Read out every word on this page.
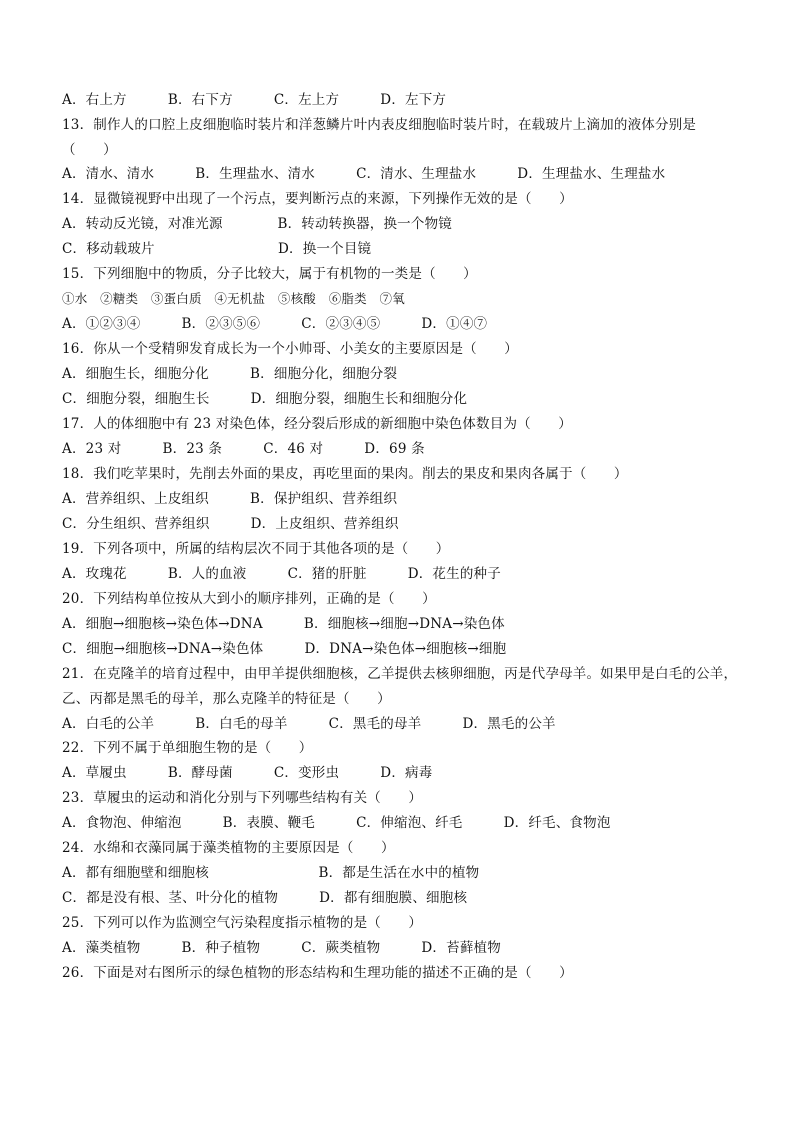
A．右上方　　　B．右下方　　　C．左上方　　　D．左下方
13．制作人的口腔上皮细胞临时装片和洋葱鳞片叶内表皮细胞临时装片时，在载玻片上滴加的液体分别是
（　　）
A．清水、清水　　　B．生理盐水、清水　　　C．清水、生理盐水　　　D．生理盐水、生理盐水
14．显微镜视野中出现了一个污点，要判断污点的来源，下列操作无效的是（　　）
A．转动反光镜，对准光源　　　　B．转动转换器，换一个物镜
C．移动载玻片　　　　　　　　　D．换一个目镜
15．下列细胞中的物质，分子比较大，属于有机物的一类是（　　）
①水　②糖类　③蛋白质　④无机盐　⑤核酸　⑥脂类　⑦氧
A．①②③④　　　B．②③⑤⑥　　　C．②③④⑤　　　D．①④⑦
16．你从一个受精卵发育成长为一个小帅哥、小美女的主要原因是（　　）
A．细胞生长，细胞分化　　　B．细胞分化，细胞分裂
C．细胞分裂，细胞生长　　　D．细胞分裂，细胞生长和细胞分化
17．人的体细胞中有 23 对染色体，经分裂后形成的新细胞中染色体数目为（　　）
A．23 对　　　B．23 条　　　C．46 对　　　D．69 条
18．我们吃苹果时，先削去外面的果皮，再吃里面的果肉。削去的果皮和果肉各属于（　　）
A．营养组织、上皮组织　　　B．保护组织、营养组织
C．分生组织、营养组织　　　D．上皮组织、营养组织
19．下列各项中，所属的结构层次不同于其他各项的是（　　）
A．玫瑰花　　　B．人的血液　　　C．猪的肝脏　　　D．花生的种子
20．下列结构单位按从大到小的顺序排列，正确的是（　　）
A．细胞→细胞核→染色体→DNA　　　B．细胞核→细胞→DNA→染色体
C．细胞→细胞核→DNA→染色体　　　D．DNA→染色体→细胞核→细胞
21．在克隆羊的培育过程中，由甲羊提供细胞核，乙羊提供去核卵细胞，丙是代孕母羊。如果甲是白毛的公羊，
乙、丙都是黑毛的母羊，那么克隆羊的特征是（　　）
A．白毛的公羊　　　B．白毛的母羊　　　C．黑毛的母羊　　　D．黑毛的公羊
22．下列不属于单细胞生物的是（　　）
A．草履虫　　　B．酵母菌　　　C．变形虫　　　D．病毒
23．草履虫的运动和消化分别与下列哪些结构有关（　　）
A．食物泡、伸缩泡　　　B．表膜、鞭毛　　　C．伸缩泡、纤毛　　　D．纤毛、食物泡
24．水绵和衣藻同属于藻类植物的主要原因是（　　）
A．都有细胞壁和细胞核　　　　　　　　B．都是生活在水中的植物
C．都是没有根、茎、叶分化的植物　　　D．都有细胞膜、细胞核
25．下列可以作为监测空气污染程度指示植物的是（　　）
A．藻类植物　　　B．种子植物　　　C．蕨类植物　　　D．苔藓植物
26．下面是对右图所示的绿色植物的形态结构和生理功能的描述不正确的是（　　）
